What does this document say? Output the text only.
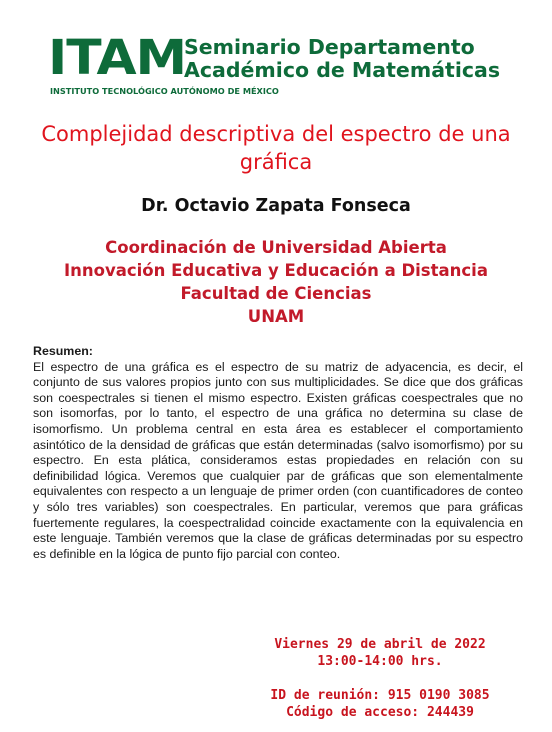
ITAM
Seminario Departamento
Académico de Matemáticas
INSTITUTO TECNOLÓGICO AUTÓNOMO DE MÉXICO
Complejidad descriptiva del espectro de una gráfica
Dr. Octavio Zapata Fonseca
Coordinación de Universidad Abierta
Innovación Educativa y Educación a Distancia
Facultad de Ciencias
UNAM
Resumen:
El espectro de una gráfica es el espectro de su matriz de adyacencia, es decir, el conjunto de sus valores propios junto con sus multiplicidades. Se dice que dos gráficas son coespectrales si tienen el mismo espectro. Existen gráficas coespectrales que no son isomorfas, por lo tanto, el espectro de una gráfica no determina su clase de isomorfismo. Un problema central en esta área es establecer el comportamiento asintótico de la densidad de gráficas que están determinadas (salvo isomorfismo) por su espectro. En esta plática, consideramos estas propiedades en relación con su definibilidad lógica. Veremos que cualquier par de gráficas que son elementalmente equivalentes con respecto a un lenguaje de primer orden (con cuantificadores de conteo y sólo tres variables) son coespectrales. En particular, veremos que para gráficas fuertemente regulares, la coespectralidad coincide exactamente con la equivalencia en este lenguaje. También veremos que la clase de gráficas determinadas por su espectro es definible en la lógica de punto fijo parcial con conteo.
Viernes 29 de abril de 2022
13:00-14:00 hrs.
ID de reunión: 915 0190 3085
Código de acceso: 244439
